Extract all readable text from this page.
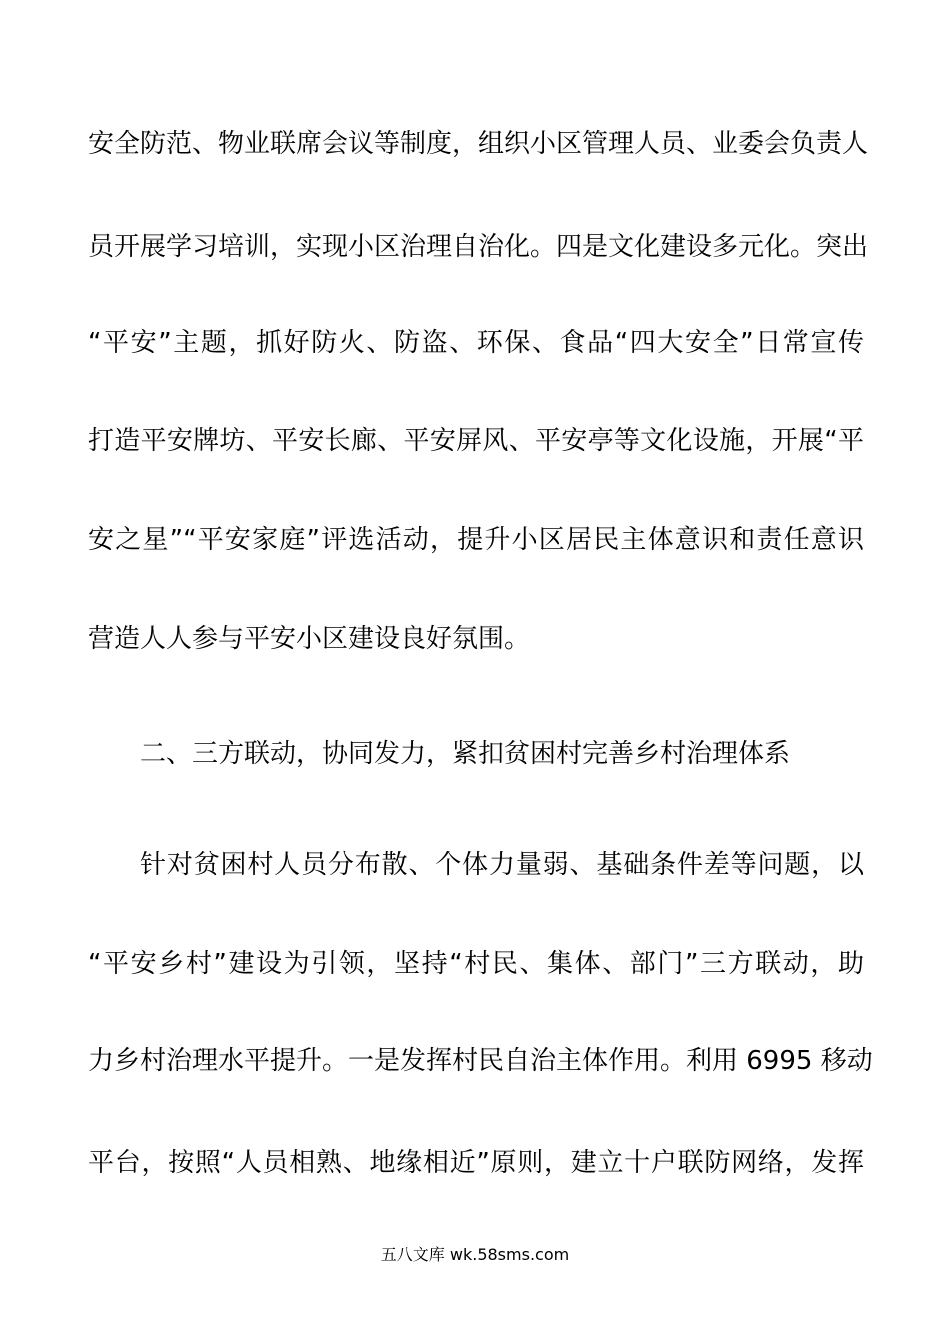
安全防范、物业联席会议等制度，组织小区管理人员、业委会负责人
员开展学习培训，实现小区治理自治化。四是文化建设多元化。突出
“平安”主题，抓好防火、防盗、环保、食品“四大安全”日常宣传
打造平安牌坊、平安长廊、平安屏风、平安亭等文化设施，开展“平
安之星”“平安家庭”评选活动，提升小区居民主体意识和责任意识
营造人人参与平安小区建设良好氛围。
二、三方联动，协同发力，紧扣贫困村完善乡村治理体系
针对贫困村人员分布散、个体力量弱、基础条件差等问题，以
“平安乡村”建设为引领，坚持“村民、集体、部门”三方联动，助
力乡村治理水平提升。一是发挥村民自治主体作用。利用 6995 移动
平台，按照“人员相熟、地缘相近”原则，建立十户联防网络，发挥
五八文库 wk.58sms.com
